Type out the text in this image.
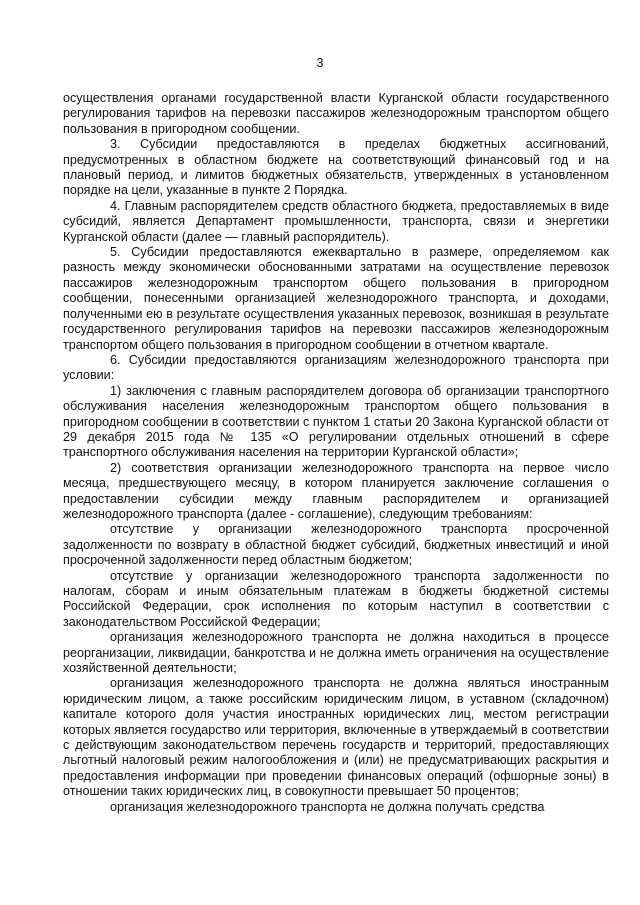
3

осуществления органами государственной власти Курганской области государственного регулирования тарифов на перевозки пассажиров железнодорожным транспортом общего пользования в пригородном сообщении.

3. Субсидии предоставляются в пределах бюджетных ассигнований, предусмотренных в областном бюджете на соответствующий финансовый год и на плановый период, и лимитов бюджетных обязательств, утвержденных в установленном порядке на цели, указанные в пункте 2 Порядка.

4. Главным распорядителем средств областного бюджета, предоставляемых в виде субсидий, является Департамент промышленности, транспорта, связи и энергетики Курганской области (далее — главный распорядитель).

5. Субсидии предоставляются ежеквартально в размере, определяемом как разность между экономически обоснованными затратами на осуществление перевозок пассажиров железнодорожным транспортом общего пользования в пригородном сообщении, понесенными организацией железнодорожного транспорта, и доходами, полученными ею в результате осуществления указанных перевозок, возникшая в результате государственного регулирования тарифов на перевозки пассажиров железнодорожным транспортом общего пользования в пригородном сообщении в отчетном квартале.

6. Субсидии предоставляются организациям железнодорожного транспорта при условии:

1) заключения с главным распорядителем договора об организации транспортного обслуживания населения железнодорожным транспортом общего пользования в пригородном сообщении в соответствии с пунктом 1 статьи 20 Закона Курганской области от 29 декабря 2015 года № 135 «О регулировании отдельных отношений в сфере транспортного обслуживания населения на территории Курганской области»;

2) соответствия организации железнодорожного транспорта на первое число месяца, предшествующего месяцу, в котором планируется заключение соглашения о предоставлении субсидии между главным распорядителем и организацией железнодорожного транспорта (далее - соглашение), следующим требованиям:

отсутствие у организации железнодорожного транспорта просроченной задолженности по возврату в областной бюджет субсидий, бюджетных инвестиций и иной просроченной задолженности перед областным бюджетом;

отсутствие у организации железнодорожного транспорта задолженности по налогам, сборам и иным обязательным платежам в бюджеты бюджетной системы Российской Федерации, срок исполнения по которым наступил в соответствии с законодательством Российской Федерации;

организация железнодорожного транспорта не должна находиться в процессе реорганизации, ликвидации, банкротства и не должна иметь ограничения на осуществление хозяйственной деятельности;

организация железнодорожного транспорта не должна являться иностранным юридическим лицом, а также российским юридическим лицом, в уставном (складочном) капитале которого доля участия иностранных юридических лиц, местом регистрации которых является государство или территория, включенные в утверждаемый в соответствии с действующим законодательством перечень государств и территорий, предоставляющих льготный налоговый режим налогообложения и (или) не предусматривающих раскрытия и предоставления информации при проведении финансовых операций (офшорные зоны) в отношении таких юридических лиц, в совокупности превышает 50 процентов;

организация железнодорожного транспорта не должна получать средства
